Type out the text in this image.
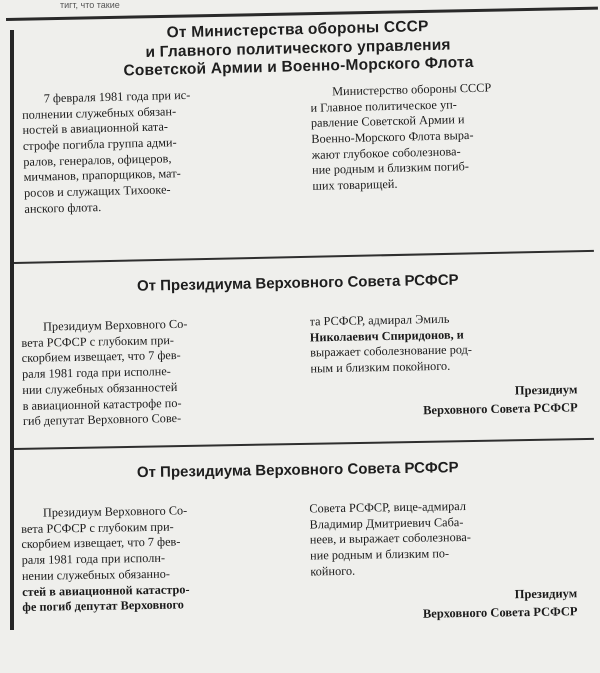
тигт, что такие
От Министерства обороны СССР
и Главного политического управления
Советской Армии и Военно-Морского Флота
7 февраля 1981 года при ис-
полнении служебных обязан-
ностей в авиационной ката-
строфе погибла группа адми-
ралов, генералов, офицеров,
мичманов, прапорщиков, мат-
росов и служащих Тихооке-
анского флота.
Министерство обороны СССР
и Главное политическое уп-
равление Советской Армии и
Военно-Морского Флота выра-
жают глубокое соболезнова-
ние родным и близким погиб-
ших товарищей.
От Президиума Верховного Совета РСФСР
Президиум Верховного Со-
вета РСФСР с глубоким при-
скорбием извещает, что 7 фев-
раля 1981 года при исполне-
нии служебных обязанностей
в авиационной катастрофе по-
гиб депутат Верховного Сове-
та РСФСР, адмирал Эмиль
Николаевич Спиридонов, и
выражает соболезнование род-
ным и близким покойного.
Президиум
Верховного Совета РСФСР
От Президиума Верховного Совета РСФСР
Президиум Верховного Со-
вета РСФСР с глубоким при-
скорбием извещает, что 7 фев-
раля 1981 года при исполн-
нении служебных обязанно-
стей в авиационной катастро-
фе погиб депутат Верховного
Совета РСФСР, вице-адмирал
Владимир Дмитриевич Саба-
неев, и выражает соболезнова-
ние родным и близким по-
койного.
Президиум
Верховного Совета РСФСР
